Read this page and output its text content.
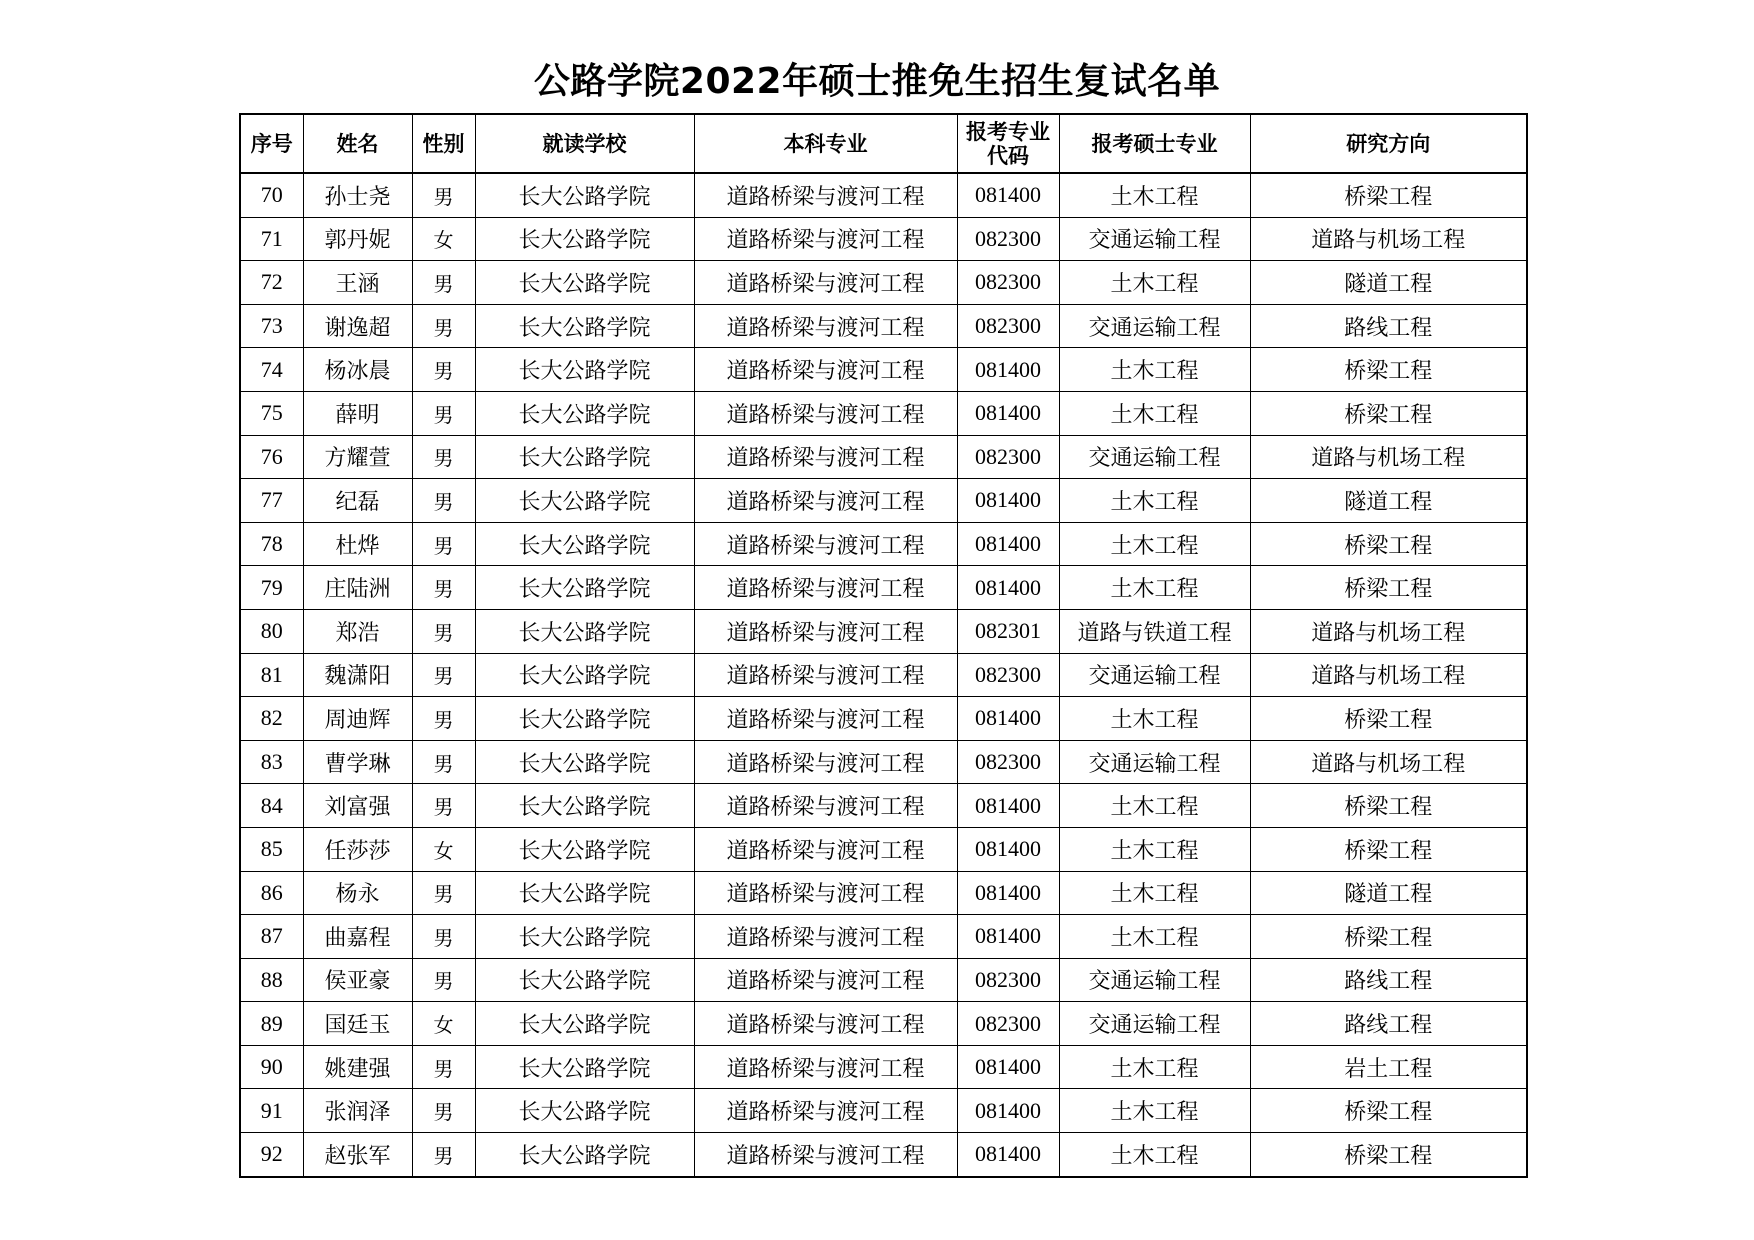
公路学院2022年硕士推免生招生复试名单
序号	姓名	性别	就读学校	本科专业	报考专业代码	报考硕士专业	研究方向
70	孙士尧	男	长大公路学院	道路桥梁与渡河工程	081400	土木工程	桥梁工程
71	郭丹妮	女	长大公路学院	道路桥梁与渡河工程	082300	交通运输工程	道路与机场工程
72	王涵	男	长大公路学院	道路桥梁与渡河工程	082300	土木工程	隧道工程
73	谢逸超	男	长大公路学院	道路桥梁与渡河工程	082300	交通运输工程	路线工程
74	杨冰晨	男	长大公路学院	道路桥梁与渡河工程	081400	土木工程	桥梁工程
75	薛明	男	长大公路学院	道路桥梁与渡河工程	081400	土木工程	桥梁工程
76	方耀萱	男	长大公路学院	道路桥梁与渡河工程	082300	交通运输工程	道路与机场工程
77	纪磊	男	长大公路学院	道路桥梁与渡河工程	081400	土木工程	隧道工程
78	杜烨	男	长大公路学院	道路桥梁与渡河工程	081400	土木工程	桥梁工程
79	庄陆洲	男	长大公路学院	道路桥梁与渡河工程	081400	土木工程	桥梁工程
80	郑浩	男	长大公路学院	道路桥梁与渡河工程	082301	道路与铁道工程	道路与机场工程
81	魏潇阳	男	长大公路学院	道路桥梁与渡河工程	082300	交通运输工程	道路与机场工程
82	周迪辉	男	长大公路学院	道路桥梁与渡河工程	081400	土木工程	桥梁工程
83	曹学琳	男	长大公路学院	道路桥梁与渡河工程	082300	交通运输工程	道路与机场工程
84	刘富强	男	长大公路学院	道路桥梁与渡河工程	081400	土木工程	桥梁工程
85	任莎莎	女	长大公路学院	道路桥梁与渡河工程	081400	土木工程	桥梁工程
86	杨永	男	长大公路学院	道路桥梁与渡河工程	081400	土木工程	隧道工程
87	曲嘉程	男	长大公路学院	道路桥梁与渡河工程	081400	土木工程	桥梁工程
88	侯亚豪	男	长大公路学院	道路桥梁与渡河工程	082300	交通运输工程	路线工程
89	国廷玉	女	长大公路学院	道路桥梁与渡河工程	082300	交通运输工程	路线工程
90	姚建强	男	长大公路学院	道路桥梁与渡河工程	081400	土木工程	岩土工程
91	张润泽	男	长大公路学院	道路桥梁与渡河工程	081400	土木工程	桥梁工程
92	赵张军	男	长大公路学院	道路桥梁与渡河工程	081400	土木工程	桥梁工程
